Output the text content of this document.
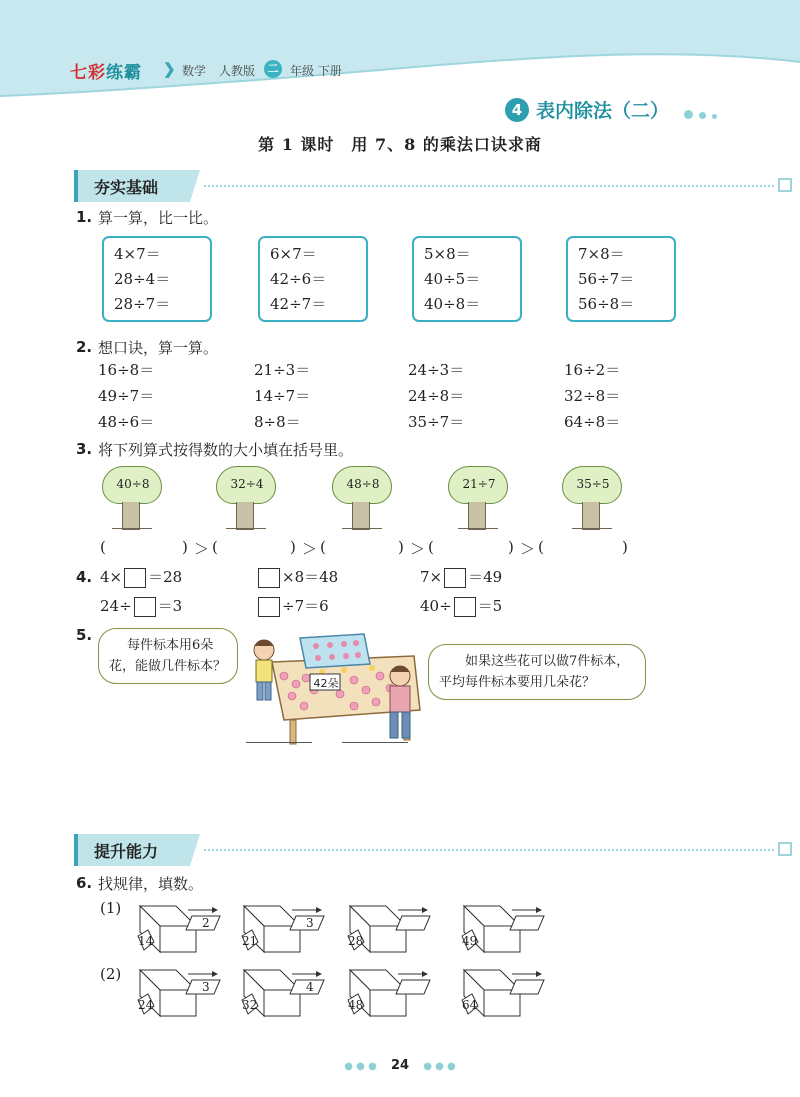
七彩练霸 ❯ 数学 人教版	二 年级 下册
4 表内除法（二）
第 1 课时　用 7、8 的乘法口诀求商
夯实基础
1. 算一算，比一比。
4×7＝
28÷4＝
28÷7＝
6×7＝
42÷6＝
42÷7＝
5×8＝
40÷5＝
40÷8＝
7×8＝
56÷7＝
56÷8＝
2. 想口诀，算一算。
16÷8＝	21÷3＝	24÷3＝	16÷2＝
49÷7＝	14÷7＝	24÷8＝	32÷8＝
48÷6＝	8÷8＝	35÷7＝	64÷8＝
3. 将下列算式按得数的大小填在括号里。
40÷8	32÷4	48÷8	21÷7	35÷5
(	) ＞ (	) ＞ (	) ＞ (	) ＞ (	)
4. 4× ＝28	×8＝48	7× ＝49
24÷ ＝3	÷7＝6	40÷ ＝5
5.
每件标本用6朵
花，能做几件标本？
42朵
如果这些花可以做7件标本，
平均每件标本要用几朵花？
提升能力
6. 找规律，填数。
(1)
(2)
14
2
21
3
28	49
24
3
32
4
48	64
● ● ● 24 ● ● ●
